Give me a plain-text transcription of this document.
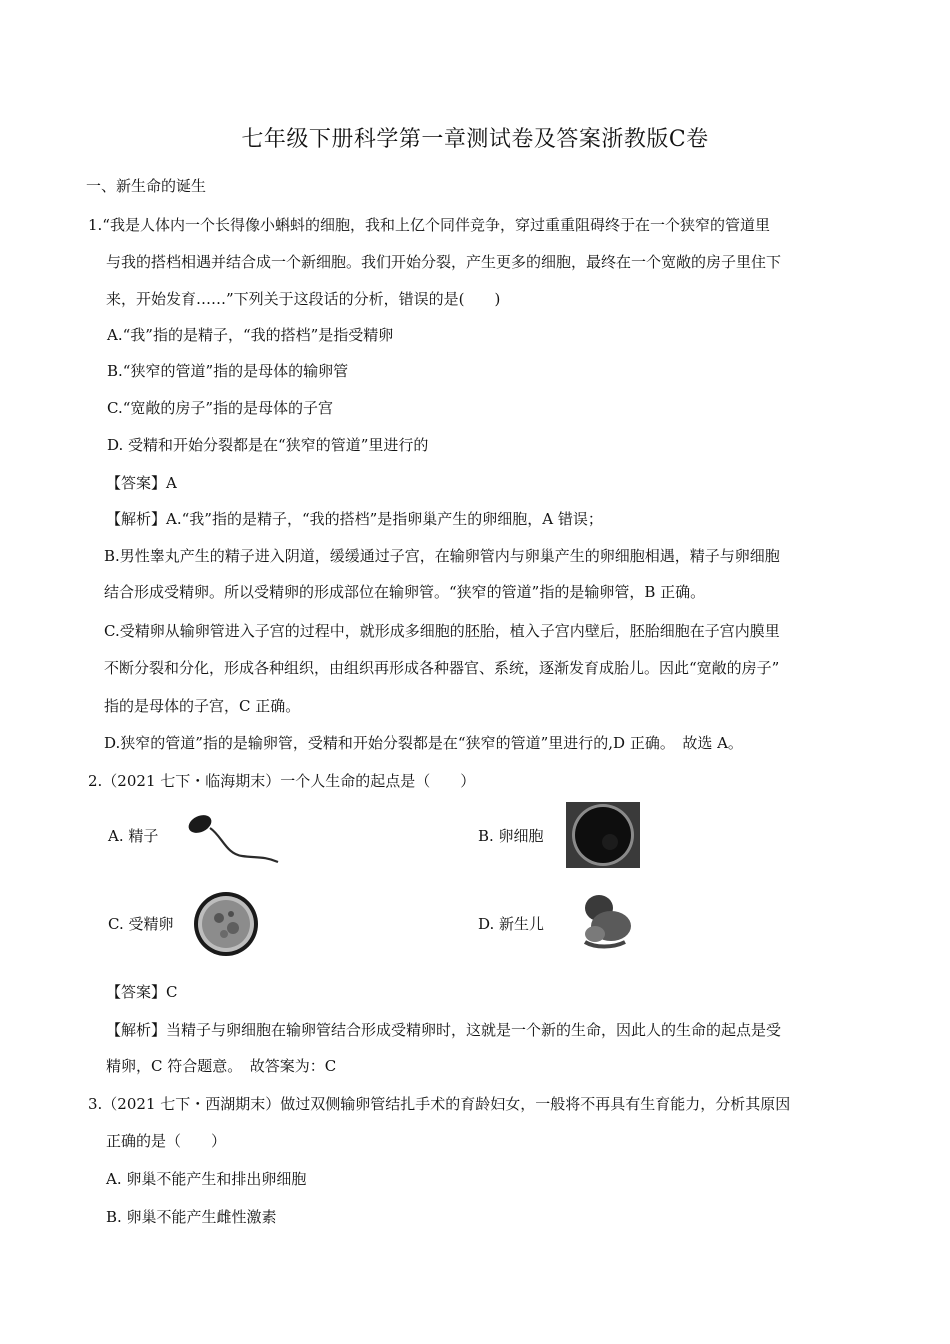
七年级下册科学第一章测试卷及答案浙教版C卷
一、新生命的诞生
1.“我是人体内一个长得像小蝌蚪的细胞，我和上亿个同伴竞争，穿过重重阻碍终于在一个狭窄的管道里
与我的搭档相遇并结合成一个新细胞。我们开始分裂，产生更多的细胞，最终在一个宽敞的房子里住下
来，开始发育……”下列关于这段话的分析，错误的是(　　)
A.“我”指的是精子，“我的搭档”是指受精卵
B.“狭窄的管道”指的是母体的输卵管
C.“宽敞的房子”指的是母体的子宫
D. 受精和开始分裂都是在“狭窄的管道”里进行的
【答案】A
【解析】A.“我”指的是精子，“我的搭档”是指卵巢产生的卵细胞，A 错误；
B.男性睾丸产生的精子进入阴道，缓缓通过子宫，在输卵管内与卵巢产生的卵细胞相遇，精子与卵细胞
结合形成受精卵。所以受精卵的形成部位在输卵管。“狭窄的管道”指的是输卵管，B 正确。
C.受精卵从输卵管进入子宫的过程中，就形成多细胞的胚胎，植入子宫内壁后，胚胎细胞在子宫内膜里
不断分裂和分化，形成各种组织，由组织再形成各种器官、系统，逐渐发育成胎儿。因此“宽敞的房子”
指的是母体的子宫，C 正确。
D.狭窄的管道”指的是输卵管，受精和开始分裂都是在“狭窄的管道”里进行的,D 正确。　故选 A。
2.（2021 七下・临海期末）一个人生命的起点是（　　）
A. 精子	B. 卵细胞
C. 受精卵	D. 新生儿
【答案】C
【解析】当精子与卵细胞在输卵管结合形成受精卵时，这就是一个新的生命，因此人的生命的起点是受
精卵，C 符合题意。　故答案为：C
3.（2021 七下・西湖期末）做过双侧输卵管结扎手术的育龄妇女，一般将不再具有生育能力，分析其原因
正确的是（　　）
A. 卵巢不能产生和排出卵细胞
B. 卵巢不能产生雌性激素
